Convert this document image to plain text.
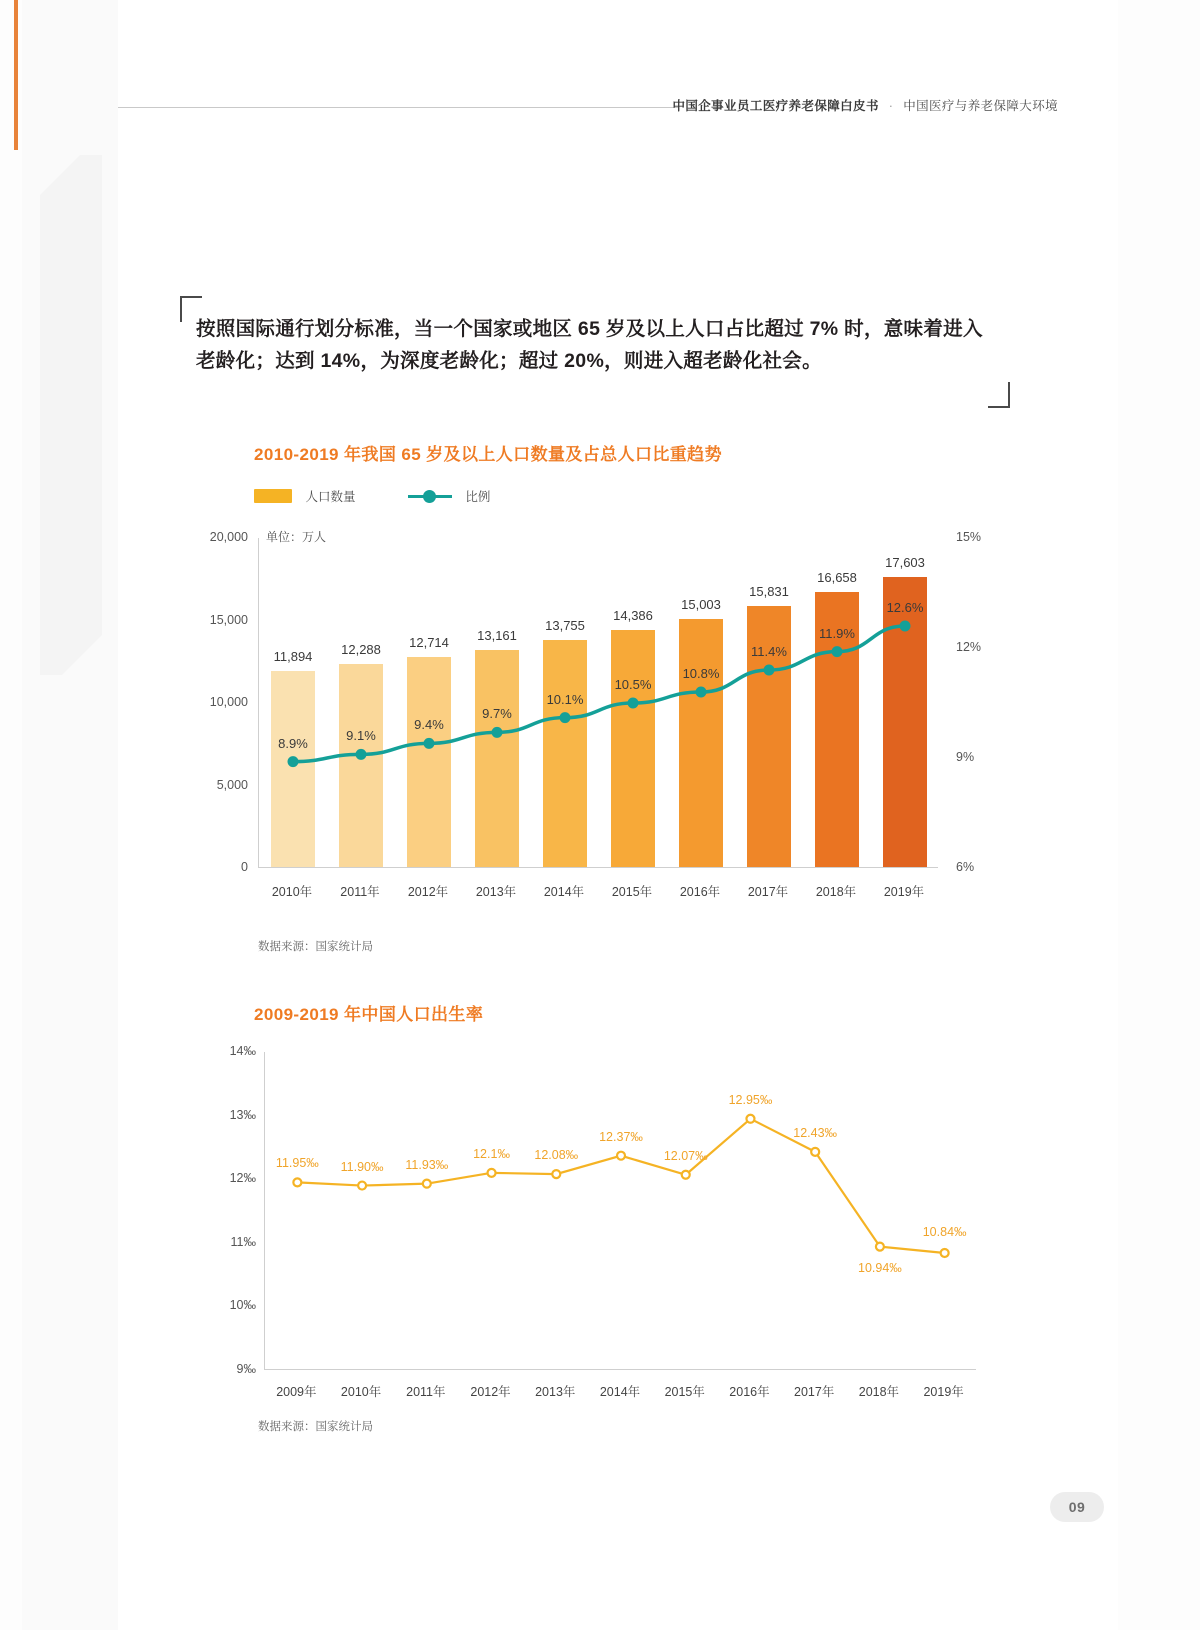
中国企事业员工医疗养老保障白皮书 · 中国医疗与养老保障大环境
按照国际通行划分标准，当一个国家或地区 65 岁及以上人口占比超过 7% 时，意味着进入老龄化；达到 14%，为深度老龄化；超过 20%，则进入超老龄化社会。
2010-2019 年我国 65 岁及以上人口数量及占总人口比重趋势
人口数量	比例
单位：万人
11,894 12,288 12,714 13,161
13,755
14,386
15,003
15,831
16,658
17,603
8.9%	9.1%
9.4%
9.7%
10.1%
10.5%
10.8%
11.4%
11.9%
12.6%
0
5,000
10,000
15,000
20,000
6%
9%
12%
15%
2010年 2011年 2012年 2013年 2014年 2015年 2016年 2017年 2018年 2019年
数据来源：国家统计局
2009-2019 年中国人口出生率
11.95‰ 11.90‰ 11.93‰
12.1‰ 12.08‰
12.37‰
12.07‰
12.95‰
12.43‰
10.94‰
10.84‰
9‰
10‰
11‰
12‰
13‰
14‰
2009年 2010年 2011年 2012年 2013年 2014年 2015年 2016年 2017年 2018年 2019年
数据来源：国家统计局
09
